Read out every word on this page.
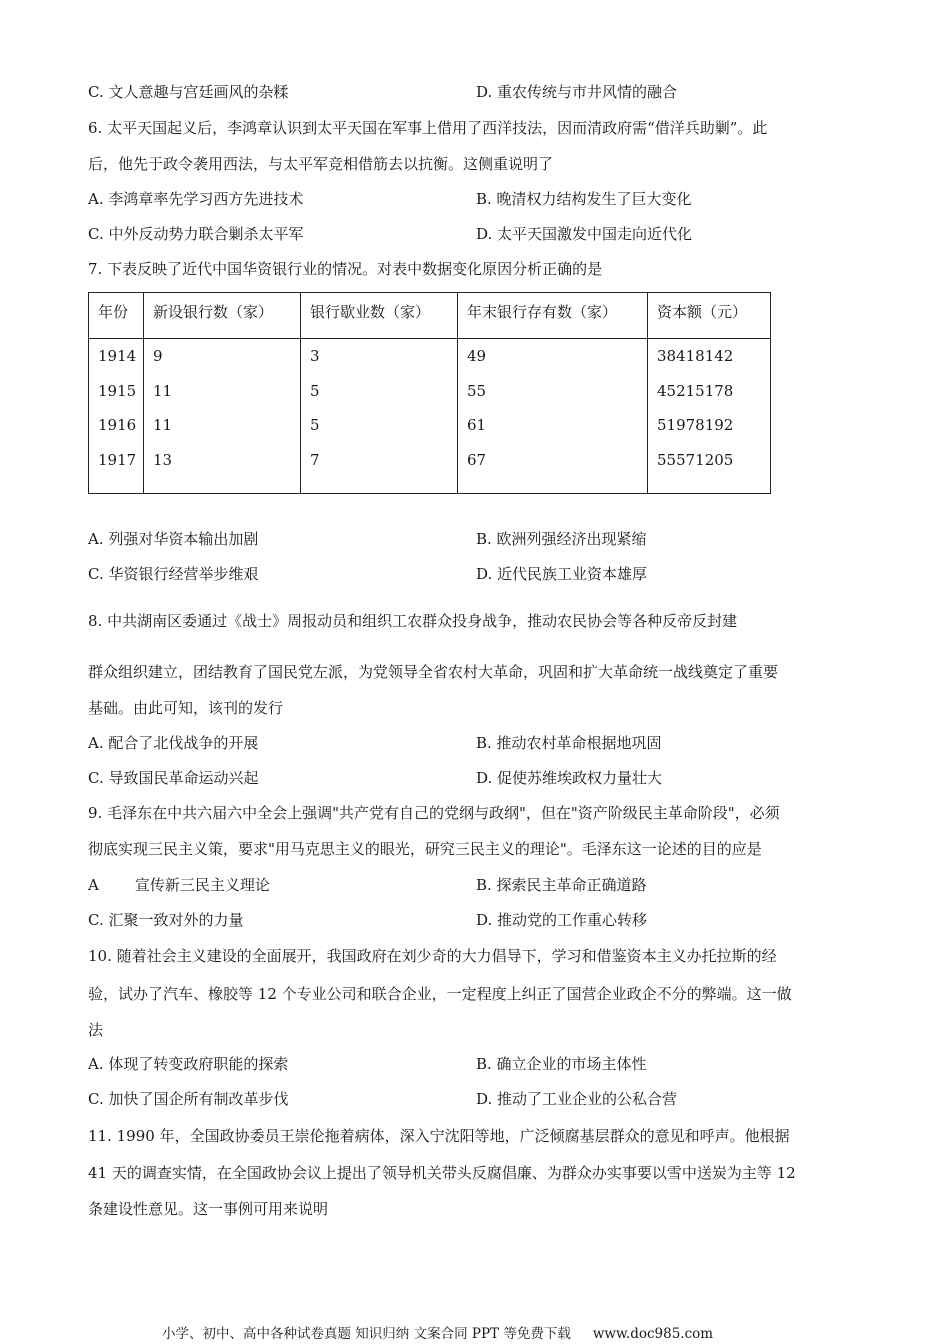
C. 文人意趣与宫廷画风的杂糅	D. 重农传统与市井风情的融合
6. 太平天国起义后，李鸿章认识到太平天国在军事上借用了西洋技法，因而清政府需“借洋兵助剿”。此
后，他先于政令袭用西法，与太平军竞相借筋去以抗衡。这侧重说明了
A. 李鸿章率先学习西方先进技术	B. 晚清权力结构发生了巨大变化
C. 中外反动势力联合剿杀太平军	D. 太平天国激发中国走向近代化
7. 下表反映了近代中国华资银行业的情况。对表中数据变化原因分析正确的是
年份	新设银行数（家）	银行歇业数（家）	年末银行存有数（家）	资本额（元）
1914	9	3	49	38418142
1915	11	5	55	45215178
1916	11	5	61	51978192
1917	13	7	67	55571205
A. 列强对华资本输出加剧	B. 欧洲列强经济出现紧缩
C. 华资银行经营举步维艰	D. 近代民族工业资本雄厚
8. 中共湖南区委通过《战士》周报动员和组织工农群众投身战争，推动农民协会等各种反帝反封建
群众组织建立，团结教育了国民党左派，为党领导全省农村大革命，巩固和扩大革命统一战线奠定了重要
基础。由此可知，该刊的发行
A. 配合了北伐战争的开展	B. 推动农村革命根据地巩固
C. 导致国民革命运动兴起	D. 促使苏维埃政权力量壮大
9. 毛泽东在中共六届六中全会上强调"共产党有自己的党纲与政纲"，但在"资产阶级民主革命阶段"，必须
彻底实现三民主义策，要求"用马克思主义的眼光，研究三民主义的理论"。毛泽东这一论述的目的应是
A 宣传新三民主义理论	B. 探索民主革命正确道路
C. 汇聚一致对外的力量	D. 推动党的工作重心转移
10. 随着社会主义建设的全面展开，我国政府在刘少奇的大力倡导下，学习和借鉴资本主义办托拉斯的经
验，试办了汽车、橡胶等 12 个专业公司和联合企业，一定程度上纠正了国营企业政企不分的弊端。这一做
法
A. 体现了转变政府职能的探索	B. 确立企业的市场主体性
C. 加快了国企所有制改革步伐	D. 推动了工业企业的公私合营
11. 1990 年，全国政协委员王崇伦拖着病体，深入宁沈阳等地，广泛倾腐基层群众的意见和呼声。他根据
41 天的调查实情，在全国政协会议上提出了领导机关带头反腐倡廉、为群众办实事要以雪中送炭为主等 12
条建设性意见。这一事例可用来说明
小学、初中、高中各种试卷真题 知识归纳 文案合同 PPT 等免费下载 www.doc985.com
